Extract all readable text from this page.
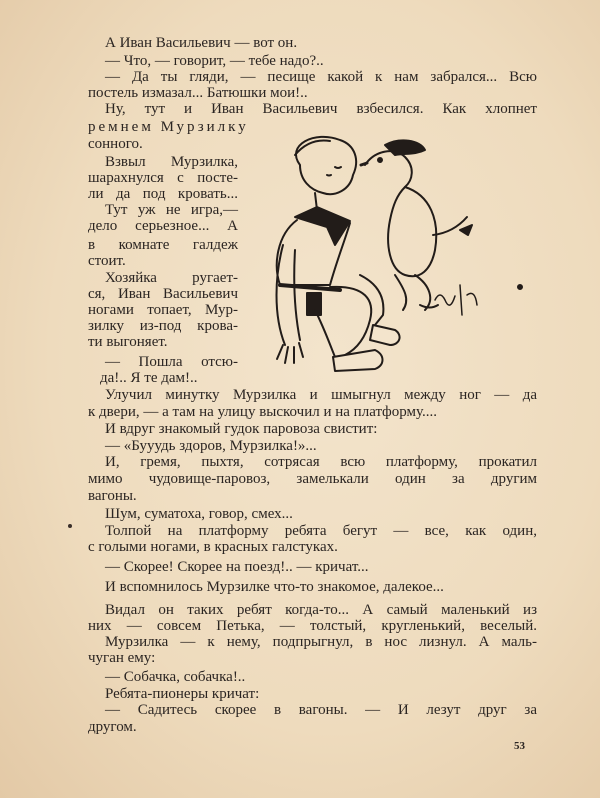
А Иван Васильевич — вот он.
— Что, — говорит, — тебе надо?..
— Да ты гляди, — песище какой к нам забрался... Всю
постель измазал... Батюшки мои!..
Ну, тут и Иван Васильевич взбесился. Как хлопнет
ремнем Мурзилку
сонного.
Взвыл Мурзилка,
шарахнулся с посте-
ли да под кровать...
Тут уж не игра,—
дело серьезное... А
в комнате галдеж
стоит.
Хозяйка ругает-
ся, Иван Васильевич
ногами топает, Мур-
зилку из-под крова-
ти выгоняет.
— Пошла отсю-
да!.. Я те дам!..
Улучил минутку Мурзилка и шмыгнул между ног — да
к двери, — а там на улицу выскочил и на платформу....
И вдруг знакомый гудок паровоза свистит:
— «Бууудь здоров, Мурзилка!»...
И, гремя, пыхтя, сотрясая всю платформу, прокатил
мимо чудовище-паровоз, замелькали один за другим
вагоны.
Шум, суматоха, говор, смех...
Толпой на платформу ребята бегут — все, как один,
с голыми ногами, в красных галстуках.
— Скорее! Скорее на поезд!.. — кричат...
И вспомнилось Мурзилке что-то знакомое, далекое...
Видал он таких ребят когда-то... А самый маленький из
них — совсем Петька, — толстый, кругленький, веселый.
Мурзилка — к нему, подпрыгнул, в нос лизнул. А маль-
чуган ему:
— Собачка, собачка!..
Ребята-пионеры кричат:
— Садитесь скорее в вагоны. — И лезут друг за
другом.
53
